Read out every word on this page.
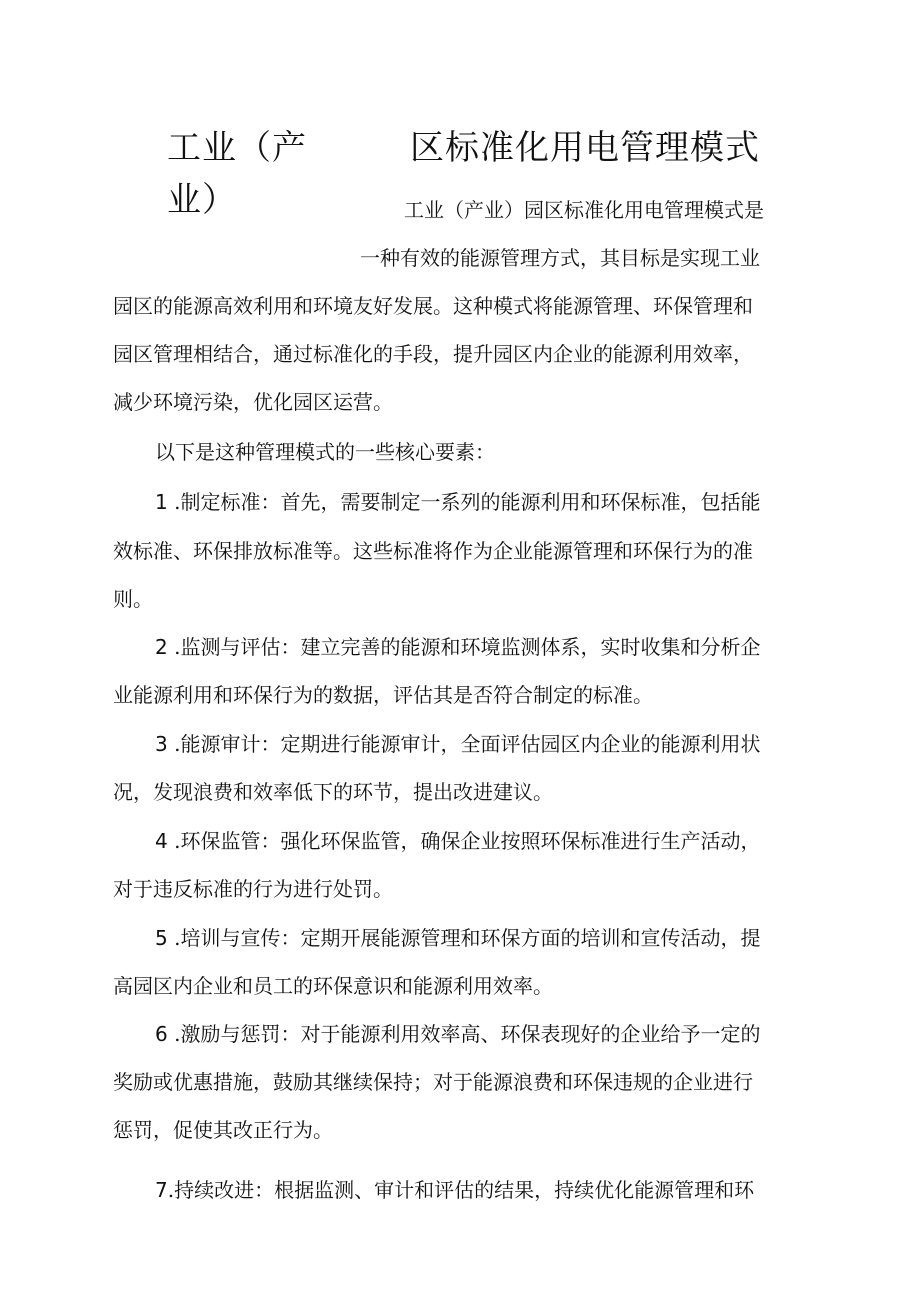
工业（产
业）
区标准化用电管理模式
工业（产业）园区标准化用电管理模式是
一种有效的能源管理方式，其目标是实现工业
园区的能源高效利用和环境友好发展。这种模式将能源管理、环保管理和
园区管理相结合，通过标准化的手段，提升园区内企业的能源利用效率，
减少环境污染，优化园区运营。
以下是这种管理模式的一些核心要素：
1 .制定标准：首先，需要制定一系列的能源利用和环保标准，包括能
效标准、环保排放标准等。这些标准将作为企业能源管理和环保行为的准
则。
2 .监测与评估：建立完善的能源和环境监测体系，实时收集和分析企
业能源利用和环保行为的数据，评估其是否符合制定的标准。
3 .能源审计：定期进行能源审计，全面评估园区内企业的能源利用状
况，发现浪费和效率低下的环节，提出改进建议。
4 .环保监管：强化环保监管，确保企业按照环保标准进行生产活动，
对于违反标准的行为进行处罚。
5 .培训与宣传：定期开展能源管理和环保方面的培训和宣传活动，提
高园区内企业和员工的环保意识和能源利用效率。
6 .激励与惩罚：对于能源利用效率高、环保表现好的企业给予一定的
奖励或优惠措施，鼓励其继续保持；对于能源浪费和环保违规的企业进行
惩罚，促使其改正行为。
7.持续改进：根据监测、审计和评估的结果，持续优化能源管理和环
